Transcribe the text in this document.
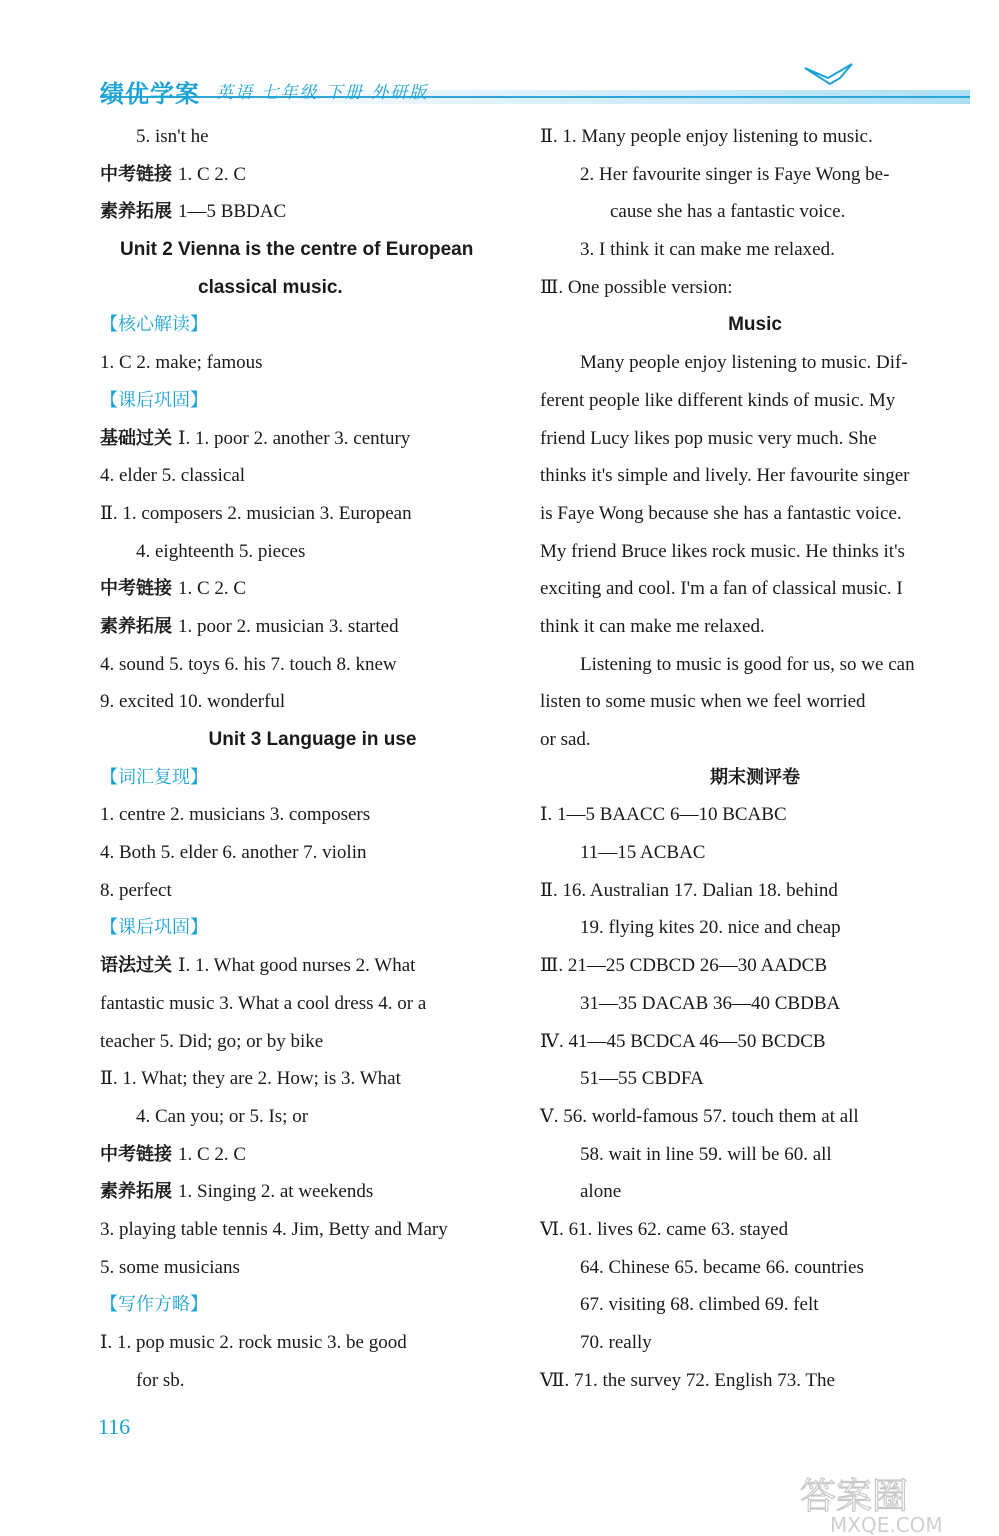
绩优学案 英语 七年级 下册 外研版
5. isn't he
中考链接 1. C 2. C
素养拓展 1—5 BBDAC
Unit 2 Vienna is the centre of European
classical music.
【核心解读】
1. C 2. make; famous
【课后巩固】
基础过关 Ⅰ. 1. poor 2. another 3. century
4. elder 5. classical
Ⅱ. 1. composers 2. musician 3. European
4. eighteenth 5. pieces
中考链接 1. C 2. C
素养拓展 1. poor 2. musician 3. started
4. sound 5. toys 6. his 7. touch 8. knew
9. excited 10. wonderful
Unit 3 Language in use
【词汇复现】
1. centre 2. musicians 3. composers
4. Both 5. elder 6. another 7. violin
8. perfect
【课后巩固】
语法过关 Ⅰ. 1. What good nurses 2. What
fantastic music 3. What a cool dress 4. or a
teacher 5. Did; go; or by bike
Ⅱ. 1. What; they are 2. How; is 3. What
4. Can you; or 5. Is; or
中考链接 1. C 2. C
素养拓展 1. Singing 2. at weekends
3. playing table tennis 4. Jim, Betty and Mary
5. some musicians
【写作方略】
Ⅰ. 1. pop music 2. rock music 3. be good
for sb.
Ⅱ. 1. Many people enjoy listening to music.
2. Her favourite singer is Faye Wong be-
cause she has a fantastic voice.
3. I think it can make me relaxed.
Ⅲ. One possible version:
Music
Many people enjoy listening to music. Dif-
ferent people like different kinds of music. My
friend Lucy likes pop music very much. She
thinks it's simple and lively. Her favourite singer
is Faye Wong because she has a fantastic voice.
My friend Bruce likes rock music. He thinks it's
exciting and cool. I'm a fan of classical music. I
think it can make me relaxed.
Listening to music is good for us, so we can
listen to some music when we feel worried
or sad.
期末测评卷
Ⅰ. 1—5 BAACC 6—10 BCABC
11—15 ACBAC
Ⅱ. 16. Australian 17. Dalian 18. behind
19. flying kites 20. nice and cheap
Ⅲ. 21—25 CDBCD 26—30 AADCB
31—35 DACAB 36—40 CBDBA
Ⅳ. 41—45 BCDCA 46—50 BCDCB
51—55 CBDFA
Ⅴ. 56. world-famous 57. touch them at all
58. wait in line 59. will be 60. all
alone
Ⅵ. 61. lives 62. came 63. stayed
64. Chinese 65. became 66. countries
67. visiting 68. climbed 69. felt
70. really
Ⅶ. 71. the survey 72. English 73. The
116
答案圈
MXQE.COM
